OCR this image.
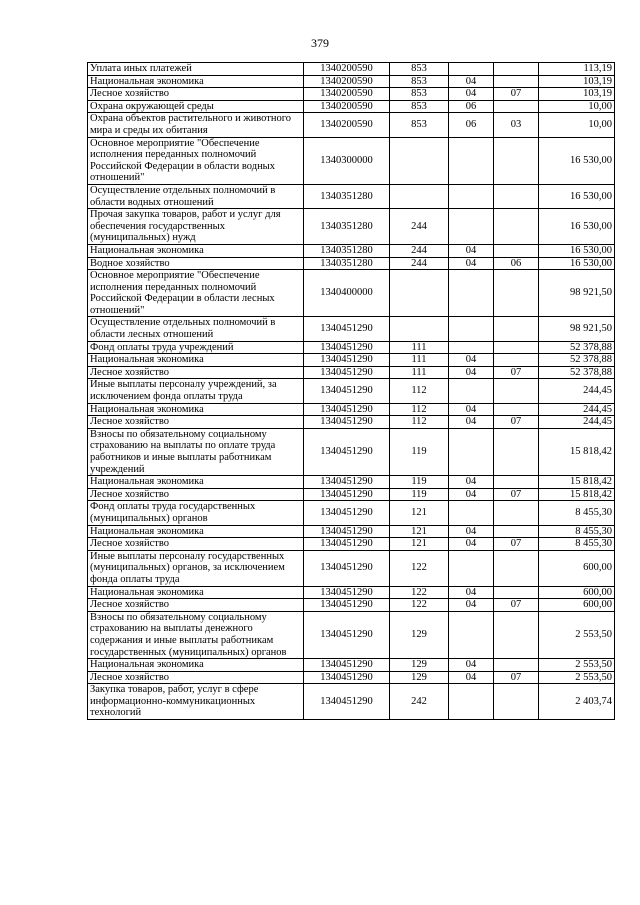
379
Уплата иных платежей	1340200590	853			113,19
Национальная экономика	1340200590	853	04		103,19
Лесное хозяйство	1340200590	853	04	07	103,19
Охрана окружающей среды	1340200590	853	06		10,00
Охрана объектов растительного и животного мира и среды их обитания	1340200590	853	06	03	10,00
Основное мероприятие "Обеспечение исполнения переданных полномочий Российской Федерации в области водных отношений"	1340300000				16 530,00
Осуществление отдельных полномочий в области водных отношений	1340351280				16 530,00
Прочая закупка товаров, работ и услуг для обеспечения государственных (муниципальных) нужд	1340351280	244			16 530,00
Национальная экономика	1340351280	244	04		16 530,00
Водное хозяйство	1340351280	244	04	06	16 530,00
Основное мероприятие "Обеспечение исполнения переданных полномочий Российской Федерации в области лесных отношений"	1340400000				98 921,50
Осуществление отдельных полномочий в области лесных отношений	1340451290				98 921,50
Фонд оплаты труда учреждений	1340451290	111			52 378,88
Национальная экономика	1340451290	111	04		52 378,88
Лесное хозяйство	1340451290	111	04	07	52 378,88
Иные выплаты персоналу учреждений, за исключением фонда оплаты труда	1340451290	112			244,45
Национальная экономика	1340451290	112	04		244,45
Лесное хозяйство	1340451290	112	04	07	244,45
Взносы по обязательному социальному страхованию на выплаты по оплате труда работников и иные выплаты работникам учреждений	1340451290	119			15 818,42
Национальная экономика	1340451290	119	04		15 818,42
Лесное хозяйство	1340451290	119	04	07	15 818,42
Фонд оплаты труда государственных (муниципальных) органов	1340451290	121			8 455,30
Национальная экономика	1340451290	121	04		8 455,30
Лесное хозяйство	1340451290	121	04	07	8 455,30
Иные выплаты персоналу государственных (муниципальных) органов, за исключением фонда оплаты труда	1340451290	122			600,00
Национальная экономика	1340451290	122	04		600,00
Лесное хозяйство	1340451290	122	04	07	600,00
Взносы по обязательному социальному страхованию на выплаты денежного содержания и иные выплаты работникам государственных (муниципальных) органов	1340451290	129			2 553,50
Национальная экономика	1340451290	129	04		2 553,50
Лесное хозяйство	1340451290	129	04	07	2 553,50
Закупка товаров, работ, услуг в сфере информационно-коммуникационных технологий	1340451290	242			2 403,74
